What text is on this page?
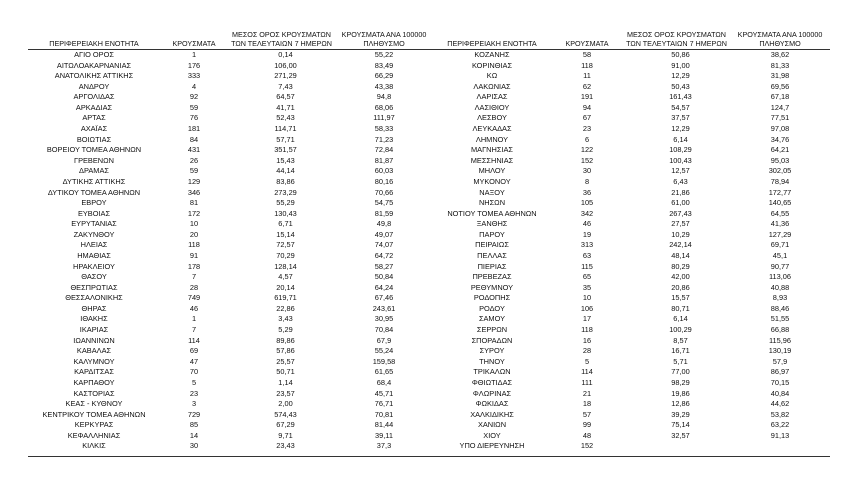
ΠΕΡΙΦΕΡΕΙΑΚΗ ΕΝΟΤΗΤΑ	ΚΡΟΥΣΜΑΤΑ	ΜΕΣΟΣ ΟΡΟΣ ΚΡΟΥΣΜΑΤΩΝ ΤΩΝ ΤΕΛΕΥΤΑΙΩΝ 7 ΗΜΕΡΩΝ	ΚΡΟΥΣΜΑΤΑ ΑΝΑ 100000 ΠΛΗΘΥΣΜΟ
ΑΓΙΟ ΟΡΟΣ	1	0,14	55,22
ΑΙΤΩΛΟΑΚΑΡΝΑΝΙΑΣ	176	106,00	83,49
ΑΝΑΤΟΛΙΚΗΣ ΑΤΤΙΚΗΣ	333	271,29	66,29
ΑΝΔΡΟΥ	4	7,43	43,38
ΑΡΓΟΛΙΔΑΣ	92	64,57	94,8
ΑΡΚΑΔΙΑΣ	59	41,71	68,06
ΑΡΤΑΣ	76	52,43	111,97
ΑΧΑΪΑΣ	181	114,71	58,33
ΒΟΙΩΤΙΑΣ	84	57,71	71,23
ΒΟΡΕΙΟΥ ΤΟΜΕΑ ΑΘΗΝΩΝ	431	351,57	72,84
ΓΡΕΒΕΝΩΝ	26	15,43	81,87
ΔΡΑΜΑΣ	59	44,14	60,03
ΔΥΤΙΚΗΣ ΑΤΤΙΚΗΣ	129	83,86	80,16
ΔΥΤΙΚΟΥ ΤΟΜΕΑ ΑΘΗΝΩΝ	346	273,29	70,66
ΕΒΡΟΥ	81	55,29	54,75
ΕΥΒΟΙΑΣ	172	130,43	81,59
ΕΥΡΥΤΑΝΙΑΣ	10	6,71	49,8
ΖΑΚΥΝΘΟΥ	20	15,14	49,07
ΗΛΕΙΑΣ	118	72,57	74,07
ΗΜΑΘΙΑΣ	91	70,29	64,72
ΗΡΑΚΛΕΙΟΥ	178	128,14	58,27
ΘΑΣΟΥ	7	4,57	50,84
ΘΕΣΠΡΩΤΙΑΣ	28	20,14	64,24
ΘΕΣΣΑΛΟΝΙΚΗΣ	749	619,71	67,46
ΘΗΡΑΣ	46	22,86	243,61
ΙΘΑΚΗΣ	1	3,43	30,95
ΙΚΑΡΙΑΣ	7	5,29	70,84
ΙΩΑΝΝΙΝΩΝ	114	89,86	67,9
ΚΑΒΑΛΑΣ	69	57,86	55,24
ΚΑΛΥΜΝΟΥ	47	25,57	159,58
ΚΑΡΔΙΤΣΑΣ	70	50,71	61,65
ΚΑΡΠΑΘΟΥ	5	1,14	68,4
ΚΑΣΤΟΡΙΑΣ	23	23,57	45,71
ΚΕΑΣ - ΚΥΘΝΟΥ	3	2,00	76,71
ΚΕΝΤΡΙΚΟΥ ΤΟΜΕΑ ΑΘΗΝΩΝ	729	574,43	70,81
ΚΕΡΚΥΡΑΣ	85	67,29	81,44
ΚΕΦΑΛΛΗΝΙΑΣ	14	9,71	39,11
ΚΙΛΚΙΣ	30	23,43	37,3
ΠΕΡΙΦΕΡΕΙΑΚΗ ΕΝΟΤΗΤΑ	ΚΡΟΥΣΜΑΤΑ	ΜΕΣΟΣ ΟΡΟΣ ΚΡΟΥΣΜΑΤΩΝ ΤΩΝ ΤΕΛΕΥΤΑΙΩΝ 7 ΗΜΕΡΩΝ	ΚΡΟΥΣΜΑΤΑ ΑΝΑ 100000 ΠΛΗΘΥΣΜΟ
ΚΟΖΑΝΗΣ	58	50,86	38,62
ΚΟΡΙΝΘΙΑΣ	118	91,00	81,33
ΚΩ	11	12,29	31,98
ΛΑΚΩΝΙΑΣ	62	50,43	69,56
ΛΑΡΙΣΑΣ	191	161,43	67,18
ΛΑΣΙΘΙΟΥ	94	54,57	124,7
ΛΕΣΒΟΥ	67	37,57	77,51
ΛΕΥΚΑΔΑΣ	23	12,29	97,08
ΛΗΜΝΟΥ	6	6,14	34,76
ΜΑΓΝΗΣΙΑΣ	122	108,29	64,21
ΜΕΣΣΗΝΙΑΣ	152	100,43	95,03
ΜΗΛΟΥ	30	12,57	302,05
ΜΥΚΟΝΟΥ	8	6,43	78,94
ΝΑΞΟΥ	36	21,86	172,77
ΝΗΣΩΝ	105	61,00	140,65
ΝΟΤΙΟΥ ΤΟΜΕΑ ΑΘΗΝΩΝ	342	267,43	64,55
ΞΑΝΘΗΣ	46	27,57	41,36
ΠΑΡΟΥ	19	10,29	127,29
ΠΕΙΡΑΙΩΣ	313	242,14	69,71
ΠΕΛΛΑΣ	63	48,14	45,1
ΠΙΕΡΙΑΣ	115	80,29	90,77
ΠΡΕΒΕΖΑΣ	65	42,00	113,06
ΡΕΘΥΜΝΟΥ	35	20,86	40,88
ΡΟΔΟΠΗΣ	10	15,57	8,93
ΡΟΔΟΥ	106	80,71	88,46
ΣΑΜΟΥ	17	6,14	51,55
ΣΕΡΡΩΝ	118	100,29	66,88
ΣΠΟΡΑΔΩΝ	16	8,57	115,96
ΣΥΡΟΥ	28	16,71	130,19
ΤΗΝΟΥ	5	5,71	57,9
ΤΡΙΚΑΛΩΝ	114	77,00	86,97
ΦΘΙΩΤΙΔΑΣ	111	98,29	70,15
ΦΛΩΡΙΝΑΣ	21	19,86	40,84
ΦΩΚΙΔΑΣ	18	12,86	44,62
ΧΑΛΚΙΔΙΚΗΣ	57	39,29	53,82
ΧΑΝΙΩΝ	99	75,14	63,22
ΧΙΟΥ	48	32,57	91,13
ΥΠΟ ΔΙΕΡΕΥΝΗΣΗ	152		
